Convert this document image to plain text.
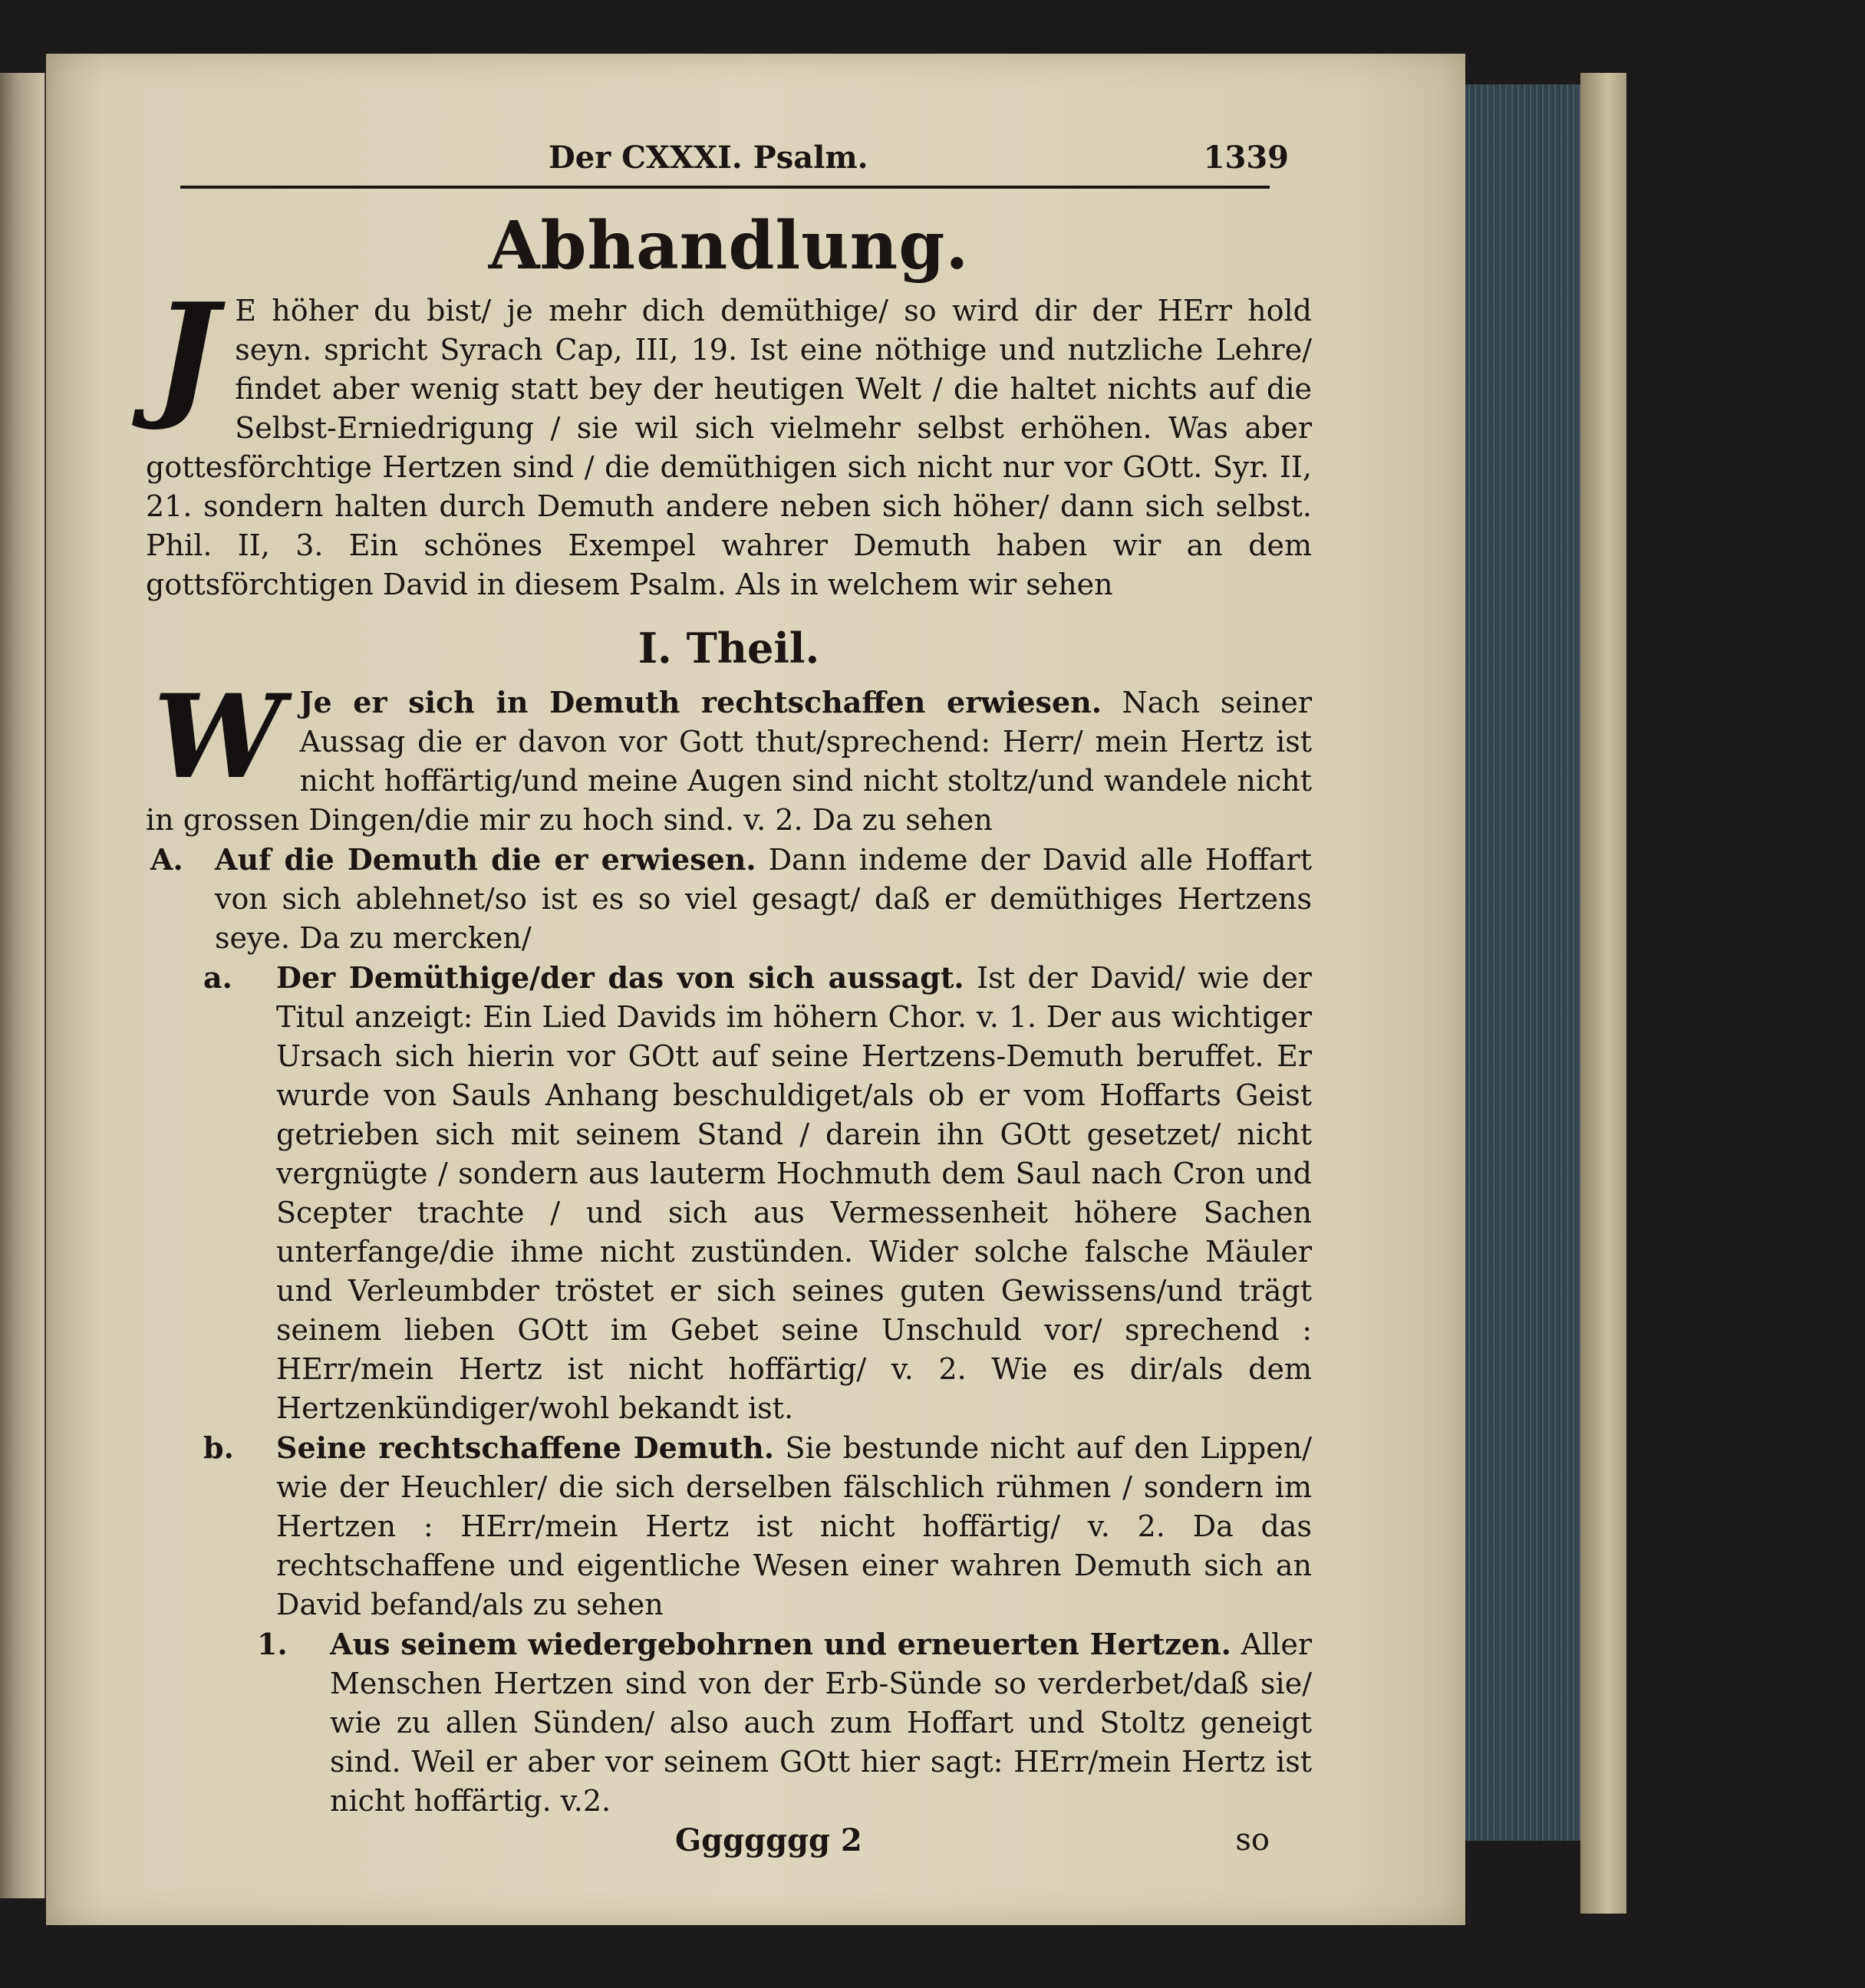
Der CXXXI. Psalm.	1339
Abhandlung.
J E höher du bist/ je mehr dich demüthige/ so wird dir der HErr hold seyn. spricht Syrach Cap, III, 19. Ist eine nöthige und nutzliche Lehre/ findet aber wenig statt bey der heutigen Welt / die haltet nichts auf die Selbst-Erniedrigung / sie wil sich vielmehr selbst erhöhen. Was aber gottesförchtige Hertzen sind / die demüthigen sich nicht nur vor GOtt. Syr. II, 21. sondern halten durch Demuth andere neben sich höher/ dann sich selbst. Phil. II, 3. Ein schönes Exempel wahrer Demuth haben wir an dem gottsförchtigen David in diesem Psalm. Als in welchem wir sehen
I. Theil.
W Je er sich in Demuth rechtschaffen erwiesen. Nach seiner Aussag die er davon vor Gott thut/sprechend: Herr/ mein Hertz ist nicht hoffärtig/und meine Augen sind nicht stoltz/und wandele nicht in grossen Dingen/die mir zu hoch sind. v. 2. Da zu sehen
A. Auf die Demuth die er erwiesen. Dann indeme der David alle Hoffart von sich ablehnet/so ist es so viel gesagt/ daß er demüthiges Hertzens seye. Da zu mercken/
a. Der Demüthige/der das von sich aussagt. Ist der David/ wie der Titul anzeigt: Ein Lied Davids im höhern Chor. v. 1. Der aus wichtiger Ursach sich hierin vor GOtt auf seine Hertzens-Demuth beruffet. Er wurde von Sauls Anhang beschuldiget/als ob er vom Hoffarts Geist getrieben sich mit seinem Stand / darein ihn GOtt gesetzet/ nicht vergnügte / sondern aus lauterm Hochmuth dem Saul nach Cron und Scepter trachte / und sich aus Vermessenheit höhere Sachen unterfange/die ihme nicht zustünden. Wider solche falsche Mäuler und Verleumbder tröstet er sich seines guten Gewissens/und trägt seinem lieben GOtt im Gebet seine Unschuld vor/ sprechend : HErr/mein Hertz ist nicht hoffärtig/ v. 2. Wie es dir/als dem Hertzenkündiger/wohl bekandt ist.
b. Seine rechtschaffene Demuth. Sie bestunde nicht auf den Lippen/ wie der Heuchler/ die sich derselben fälschlich rühmen / sondern im Hertzen : HErr/mein Hertz ist nicht hoffärtig/ v. 2. Da das rechtschaffene und eigentliche Wesen einer wahren Demuth sich an David befand/als zu sehen
1. Aus seinem wiedergebohrnen und erneuerten Hertzen. Aller Menschen Hertzen sind von der Erb-Sünde so verderbet/daß sie/ wie zu allen Sünden/ also auch zum Hoffart und Stoltz geneigt sind. Weil er aber vor seinem GOtt hier sagt: HErr/mein Hertz ist nicht hoffärtig. v.2.
Ggggggg 2	so
